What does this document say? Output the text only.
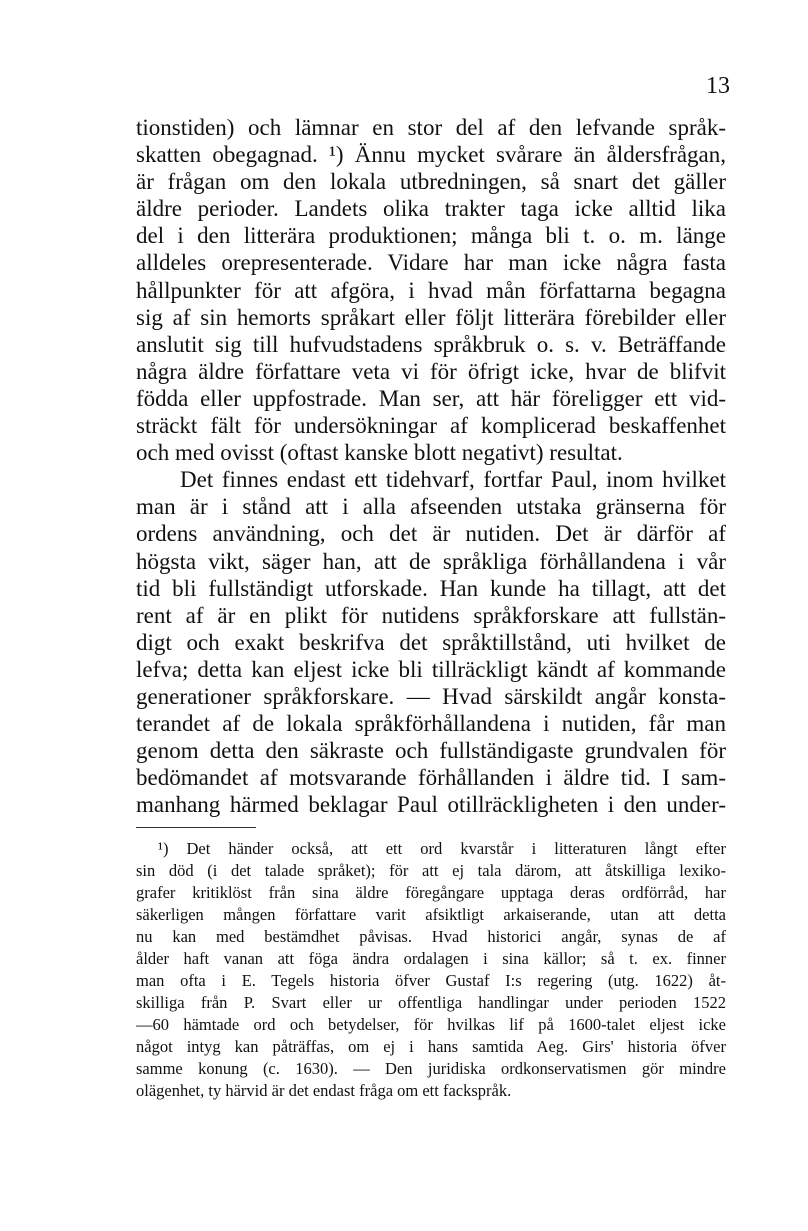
13
tionstiden) och lämnar en stor del af den lefvande språk-
skatten obegagnad. ¹) Ännu mycket svårare än åldersfrågan,
är frågan om den lokala utbredningen, så snart det gäller
äldre perioder. Landets olika trakter taga icke alltid lika
del i den litterära produktionen; många bli t. o. m. länge
alldeles orepresenterade. Vidare har man icke några fasta
hållpunkter för att afgöra, i hvad mån författarna begagna
sig af sin hemorts språkart eller följt litterära förebilder eller
anslutit sig till hufvudstadens språkbruk o. s. v. Beträffande
några äldre författare veta vi för öfrigt icke, hvar de blifvit
födda eller uppfostrade. Man ser, att här föreligger ett vid-
sträckt fält för undersökningar af komplicerad beskaffenhet
och med ovisst (oftast kanske blott negativt) resultat.
Det finnes endast ett tidehvarf, fortfar Paul, inom hvilket
man är i stånd att i alla afseenden utstaka gränserna för
ordens användning, och det är nutiden. Det är därför af
högsta vikt, säger han, att de språkliga förhållandena i vår
tid bli fullständigt utforskade. Han kunde ha tillagt, att det
rent af är en plikt för nutidens språkforskare att fullstän-
digt och exakt beskrifva det språktillstånd, uti hvilket de
lefva; detta kan eljest icke bli tillräckligt kändt af kommande
generationer språkforskare. — Hvad särskildt angår konsta-
terandet af de lokala språkförhållandena i nutiden, får man
genom detta den säkraste och fullständigaste grundvalen för
bedömandet af motsvarande förhållanden i äldre tid. I sam-
manhang härmed beklagar Paul otillräckligheten i den under-
¹) Det händer också, att ett ord kvarstår i litteraturen långt efter
sin död (i det talade språket); för att ej tala därom, att åtskilliga lexiko-
grafer kritiklöst från sina äldre föregångare upptaga deras ordförråd, har
säkerligen mången författare varit afsiktligt arkaiserande, utan att detta
nu kan med bestämdhet påvisas. Hvad historici angår, synas de af
ålder haft vanan att föga ändra ordalagen i sina källor; så t. ex. finner
man ofta i E. Tegels historia öfver Gustaf I:s regering (utg. 1622) åt-
skilliga från P. Svart eller ur offentliga handlingar under perioden 1522
—60 hämtade ord och betydelser, för hvilkas lif på 1600-talet eljest icke
något intyg kan påträffas, om ej i hans samtida Aeg. Girs' historia öfver
samme konung (c. 1630). — Den juridiska ordkonservatismen gör mindre
olägenhet, ty härvid är det endast fråga om ett fackspråk.
